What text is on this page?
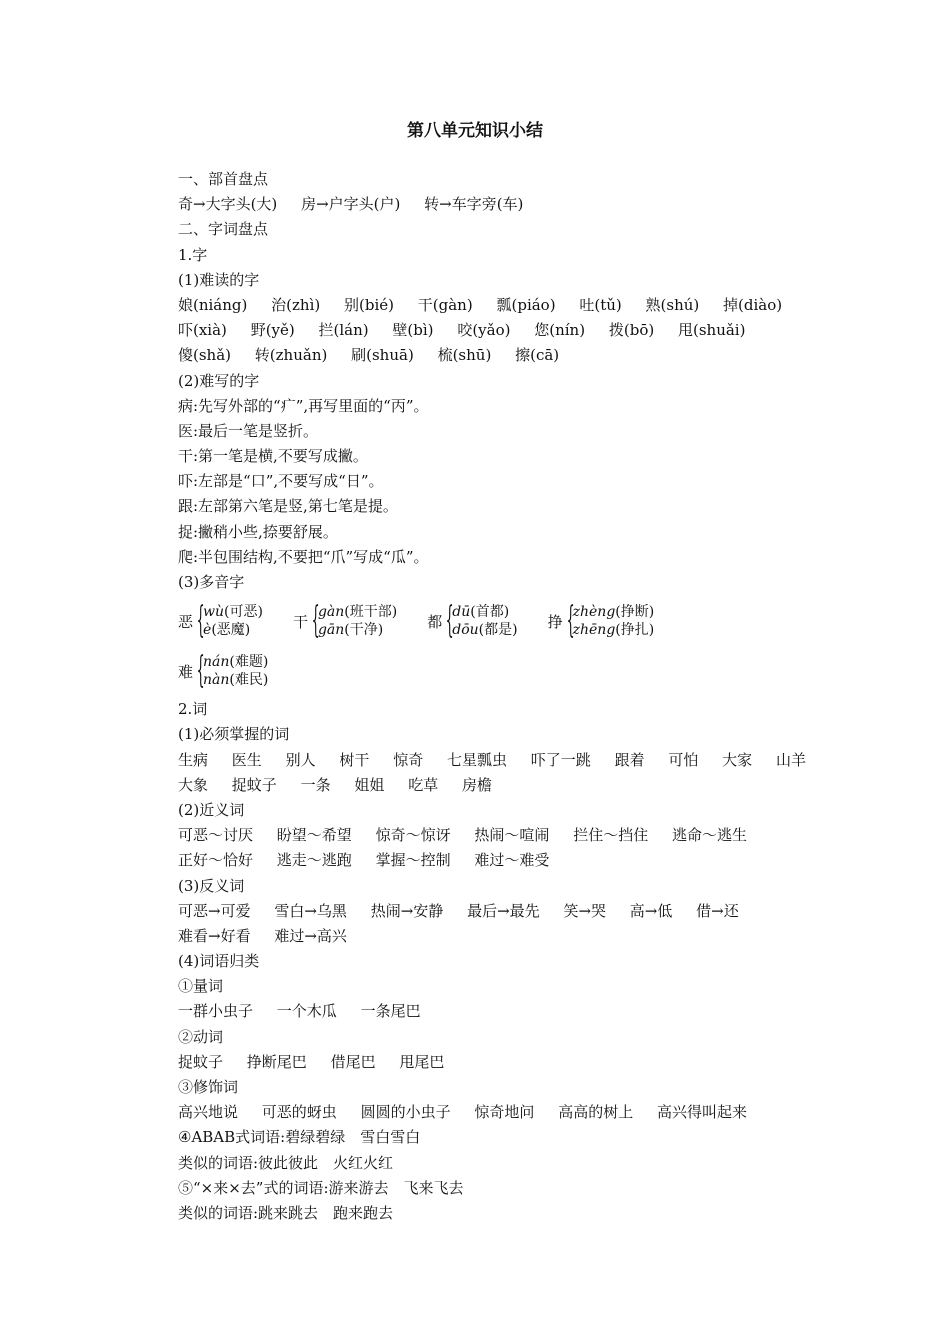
第八单元知识小结
一、部首盘点
奇→大字头(大) 房→户字头(户) 转→车字旁(车)
二、字词盘点
1.字
(1)难读的字
娘(niáng) 治(zhì) 别(bié) 干(gàn) 瓢(piáo) 吐(tǔ) 熟(shú) 掉(diào)
吓(xià) 野(yě) 拦(lán) 壁(bì) 咬(yǎo) 您(nín) 拨(bō) 甩(shuǎi)
傻(shǎ) 转(zhuǎn) 刷(shuā) 梳(shū) 擦(cā)
(2)难写的字
病:先写外部的“疒”,再写里面的“丙”。
医:最后一笔是竖折。
干:第一笔是横,不要写成撇。
吓:左部是“口”,不要写成“日”。
跟:左部第六笔是竖,第七笔是提。
捉:撇稍小些,捺要舒展。
爬:半包围结构,不要把“爪”写成“瓜”。
(3)多音字
恶 {
wù(可恶)
è(恶魔)	干 {
gàn(班干部)
gān(干净)	都 {
dū(首都)
dōu(都是) 挣 {
zhèng(挣断)
zhēng(挣扎)
难 {
nán(难题)
nàn(难民)
2.词
(1)必须掌握的词
生病 医生 别人 树干 惊奇 七星瓢虫 吓了一跳 跟着 可怕 大家 山羊
大象 捉蚊子 一条 姐姐 吃草 房檐
(2)近义词
可恶～讨厌 盼望～希望 惊奇～惊讶 热闹～喧闹 拦住～挡住 逃命～逃生
正好～恰好 逃走～逃跑 掌握～控制 难过～难受
(3)反义词
可恶→可爱 雪白→乌黑 热闹→安静 最后→最先 笑→哭 高→低 借→还
难看→好看 难过→高兴
(4)词语归类
①量词
一群小虫子 一个木瓜 一条尾巴
②动词
捉蚊子 挣断尾巴 借尾巴 甩尾巴
③修饰词
高兴地说 可恶的蚜虫 圆圆的小虫子 惊奇地问 高高的树上 高兴得叫起来
④ABAB式词语:碧绿碧绿　雪白雪白
类似的词语:彼此彼此　火红火红
⑤“×来×去”式的词语:游来游去　飞来飞去
类似的词语:跳来跳去　跑来跑去
